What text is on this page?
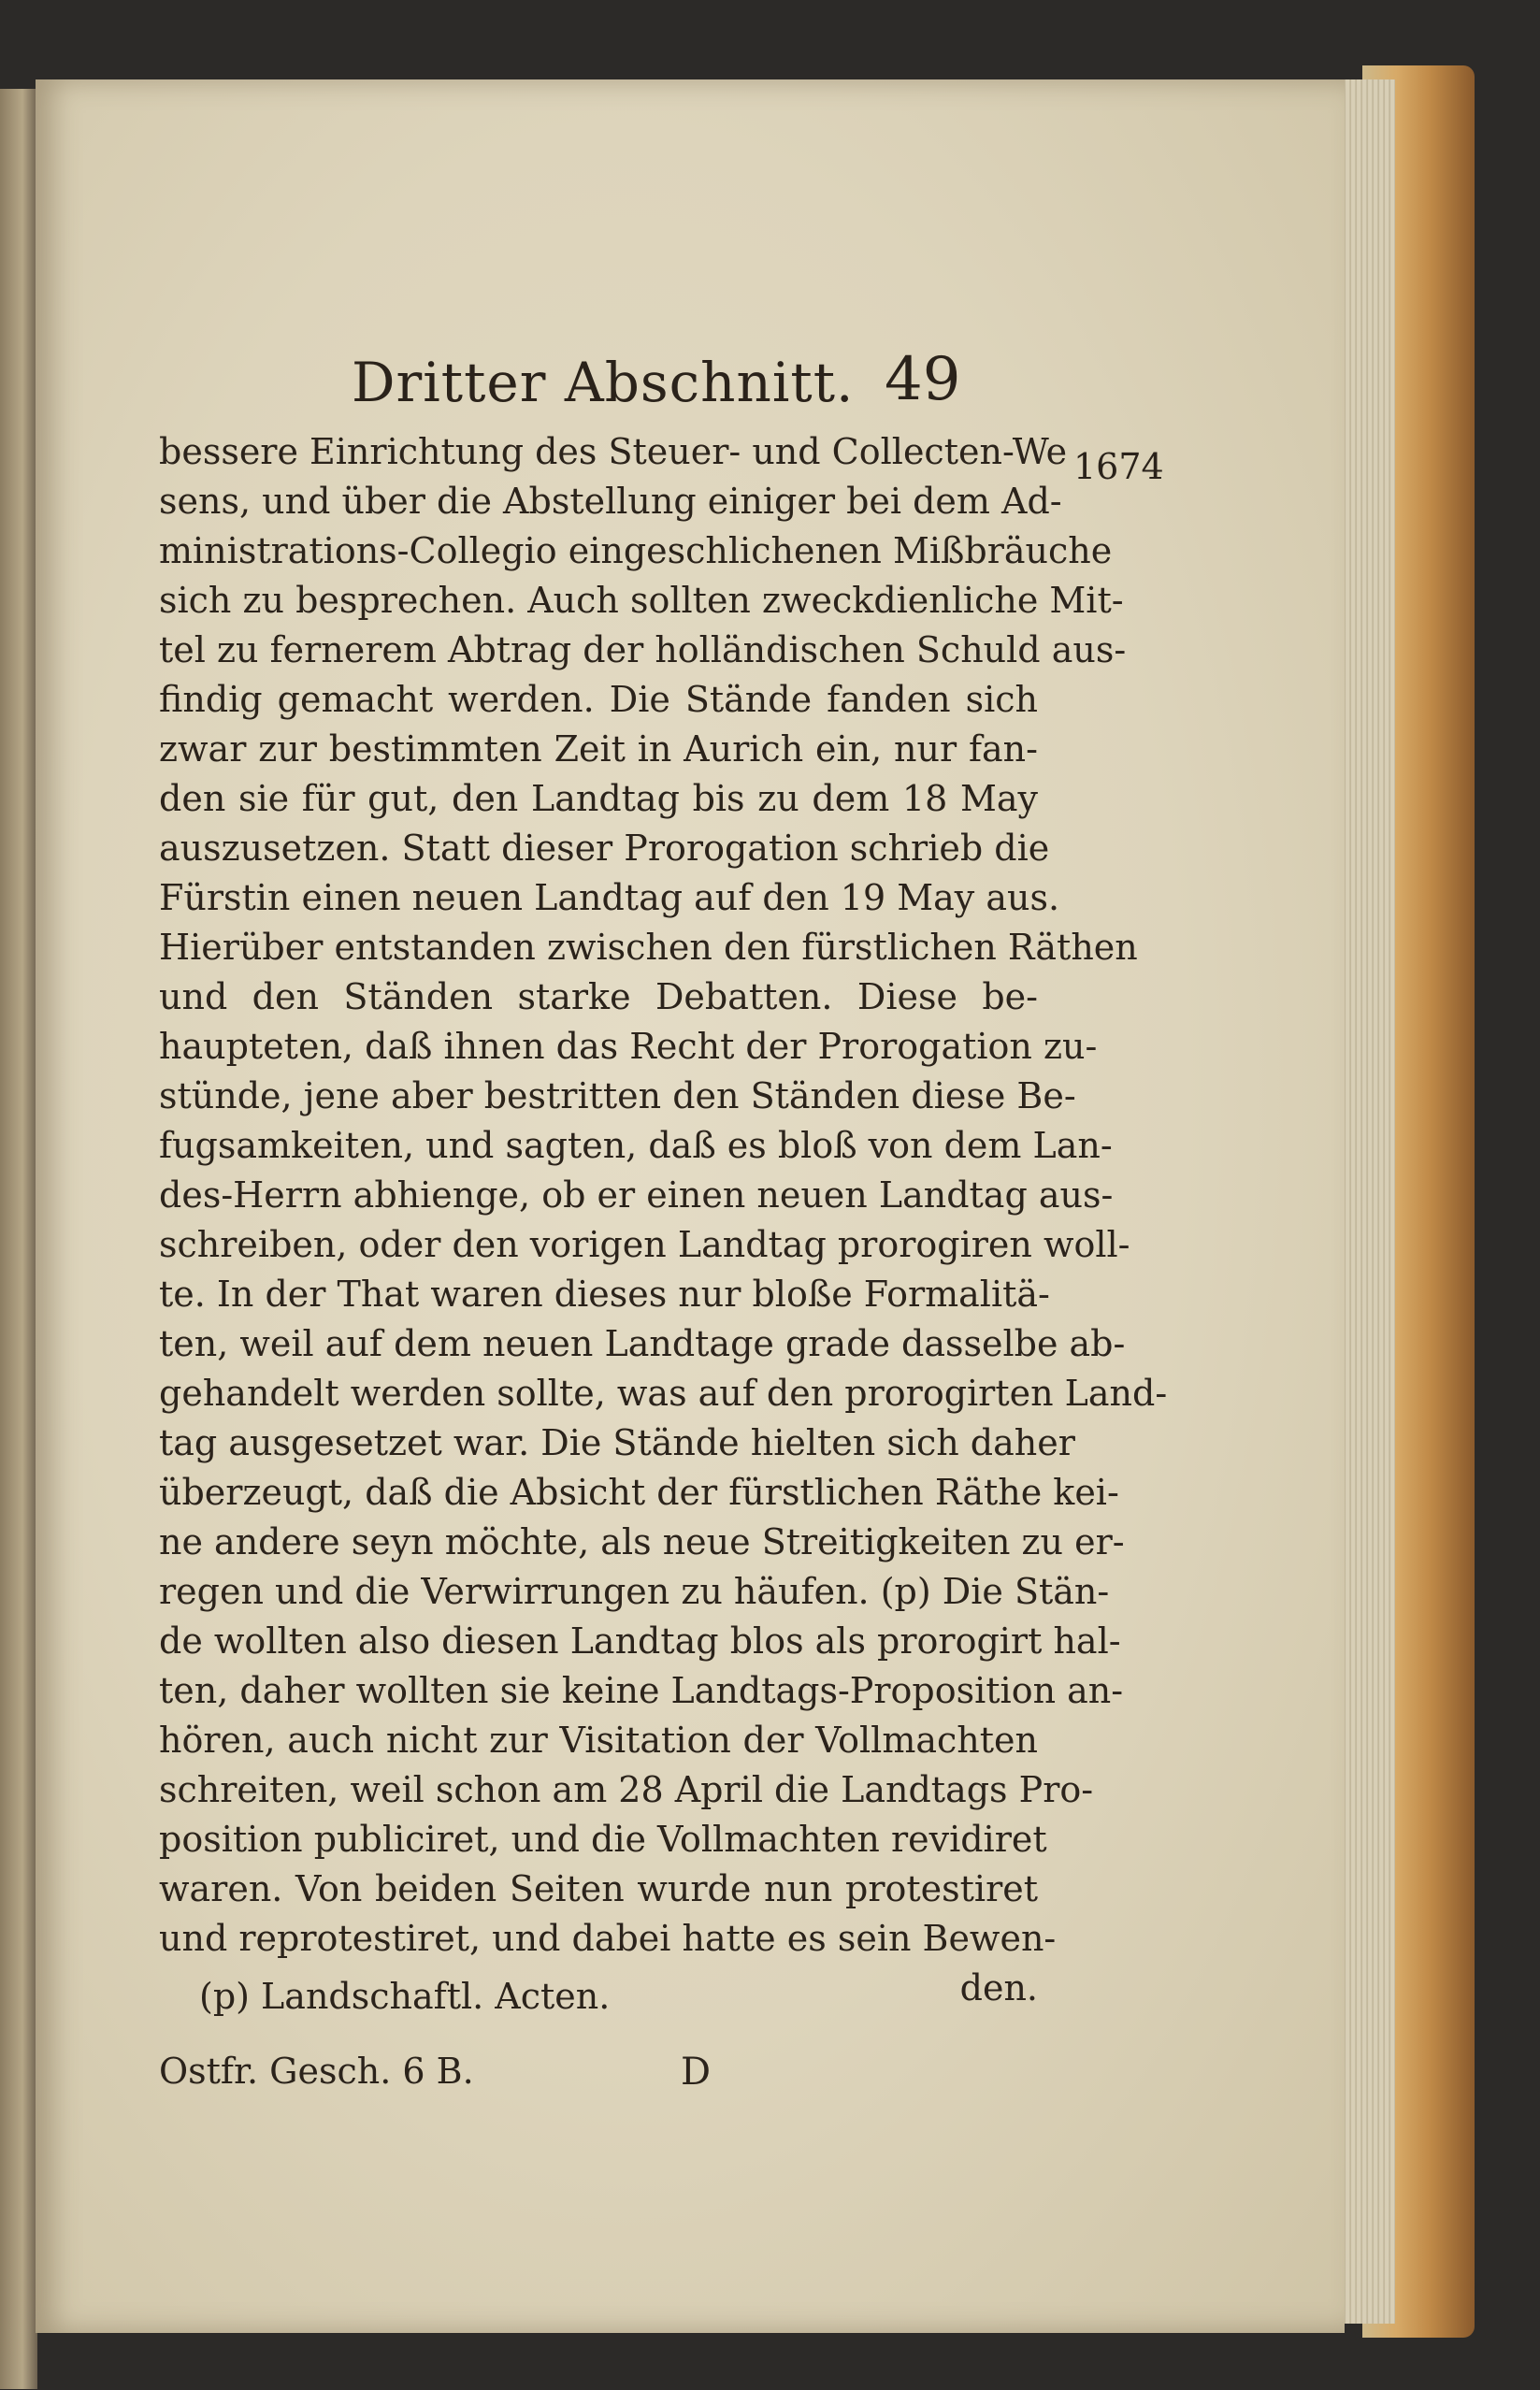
Dritter Abschnitt. 49
1674
bessere Einrichtung des Steuer- und Collecten-We
sens, und über die Abstellung einiger bei dem Ad-
ministrations-Collegio eingeschlichenen Mißbräuche
sich zu besprechen. Auch sollten zweckdienliche Mit-
tel zu fernerem Abtrag der holländischen Schuld aus-
findig gemacht werden. Die Stände fanden sich
zwar zur bestimmten Zeit in Aurich ein, nur fan-
den sie für gut, den Landtag bis zu dem 18 May
auszusetzen. Statt dieser Prorogation schrieb die
Fürstin einen neuen Landtag auf den 19 May aus.
Hierüber entstanden zwischen den fürstlichen Räthen
und den Ständen starke Debatten. Diese be-
haupteten, daß ihnen das Recht der Prorogation zu-
stünde, jene aber bestritten den Ständen diese Be-
fugsamkeiten, und sagten, daß es bloß von dem Lan-
des-Herrn abhienge, ob er einen neuen Landtag aus-
schreiben, oder den vorigen Landtag prorogiren woll-
te. In der That waren dieses nur bloße Formalitä-
ten, weil auf dem neuen Landtage grade dasselbe ab-
gehandelt werden sollte, was auf den prorogirten Land-
tag ausgesetzet war. Die Stände hielten sich daher
überzeugt, daß die Absicht der fürstlichen Räthe kei-
ne andere seyn möchte, als neue Streitigkeiten zu er-
regen und die Verwirrungen zu häufen. (p) Die Stän-
de wollten also diesen Landtag blos als prorogirt hal-
ten, daher wollten sie keine Landtags-Proposition an-
hören, auch nicht zur Visitation der Vollmachten
schreiten, weil schon am 28 April die Landtags Pro-
position publiciret, und die Vollmachten revidiret
waren. Von beiden Seiten wurde nun protestiret
und reprotestiret, und dabei hatte es sein Bewen-
den.
(p) Landschaftl. Acten.
Ostfr. Gesch. 6 B.	D
